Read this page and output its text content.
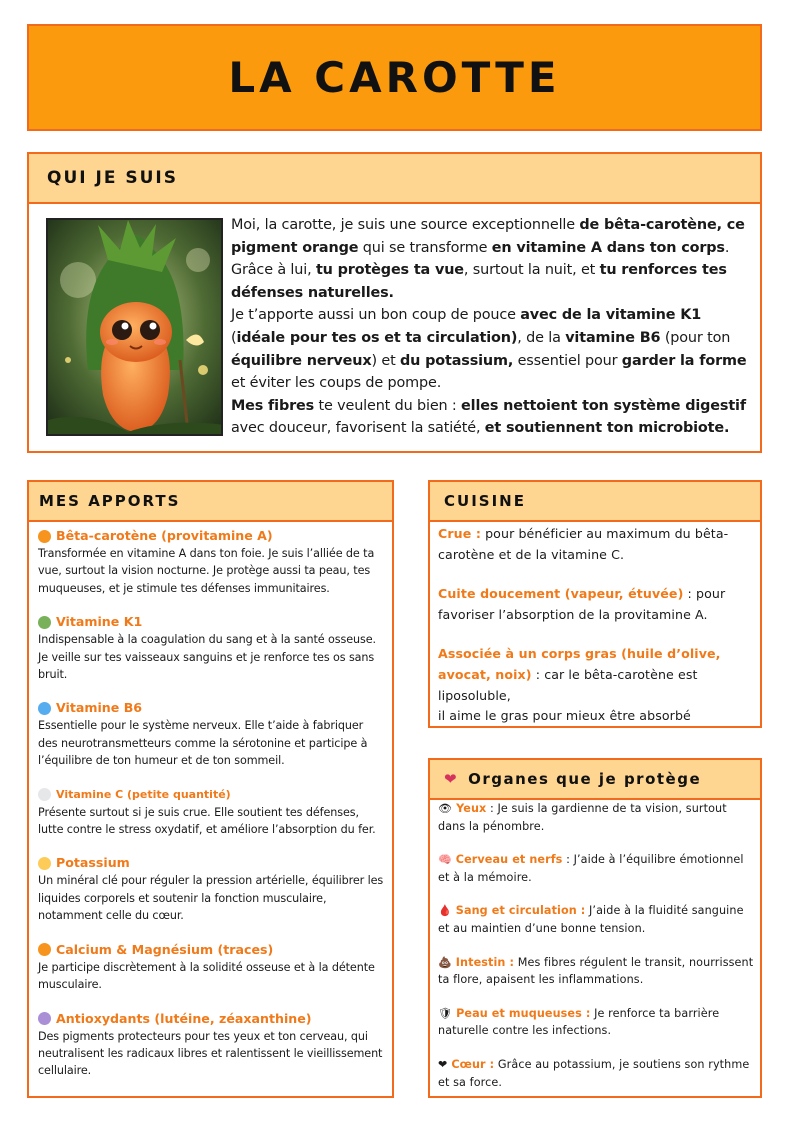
LA CAROTTE
QUI JE SUIS
Moi, la carotte, je suis une source exceptionnelle de bêta-carotène, ce pigment orange qui se transforme en vitamine A dans ton corps. Grâce à lui, tu protèges ta vue, surtout la nuit, et tu renforces tes défenses naturelles.
Je t’apporte aussi un bon coup de pouce avec de la vitamine K1 (idéale pour tes os et ta circulation), de la vitamine B6 (pour ton équilibre nerveux) et du potassium, essentiel pour garder la forme et éviter les coups de pompe.
Mes fibres te veulent du bien : elles nettoient ton système digestif avec douceur, favorisent la satiété, et soutiennent ton microbiote.
MES APPORTS
Bêta-carotène (provitamine A)
Transformée en vitamine A dans ton foie. Je suis l’alliée de ta vue, surtout la vision nocturne. Je protège aussi ta peau, tes muqueuses, et je stimule tes défenses immunitaires.
Vitamine K1
Indispensable à la coagulation du sang et à la santé osseuse. Je veille sur tes vaisseaux sanguins et je renforce tes os sans bruit.
Vitamine B6
Essentielle pour le système nerveux. Elle t’aide à fabriquer des neurotransmetteurs comme la sérotonine et participe à l’équilibre de ton humeur et de ton sommeil.
Vitamine C (petite quantité)
Présente surtout si je suis crue. Elle soutient tes défenses, lutte contre le stress oxydatif, et améliore l’absorption du fer.
Potassium
Un minéral clé pour réguler la pression artérielle, équilibrer les liquides corporels et soutenir la fonction musculaire, notamment celle du cœur.
Calcium & Magnésium (traces)
Je participe discrètement à la solidité osseuse et à la détente musculaire.
Antioxydants (lutéine, zéaxanthine)
Des pigments protecteurs pour tes yeux et ton cerveau, qui neutralisent les radicaux libres et ralentissent le vieillissement cellulaire.
CUISINE
Crue : pour bénéficier au maximum du bêta-carotène et de la vitamine C.
Cuite doucement (vapeur, étuvée) : pour favoriser l’absorption de la provitamine A.
Associée à un corps gras (huile d’olive, avocat, noix) : car le bêta-carotène est liposoluble,
il aime le gras pour mieux être absorbé
❤ Organes que je protège
👁 Yeux : Je suis la gardienne de ta vision, surtout dans la pénombre.
🧠 Cerveau et nerfs : J’aide à l’équilibre émotionnel et à la mémoire.
🩸 Sang et circulation : J’aide à la fluidité sanguine et au maintien d’une bonne tension.
💩 Intestin : Mes fibres régulent le transit, nourrissent ta flore, apaisent les inflammations.
🛡 Peau et muqueuses : Je renforce ta barrière naturelle contre les infections.
❤ Cœur : Grâce au potassium, je soutiens son rythme et sa force.
